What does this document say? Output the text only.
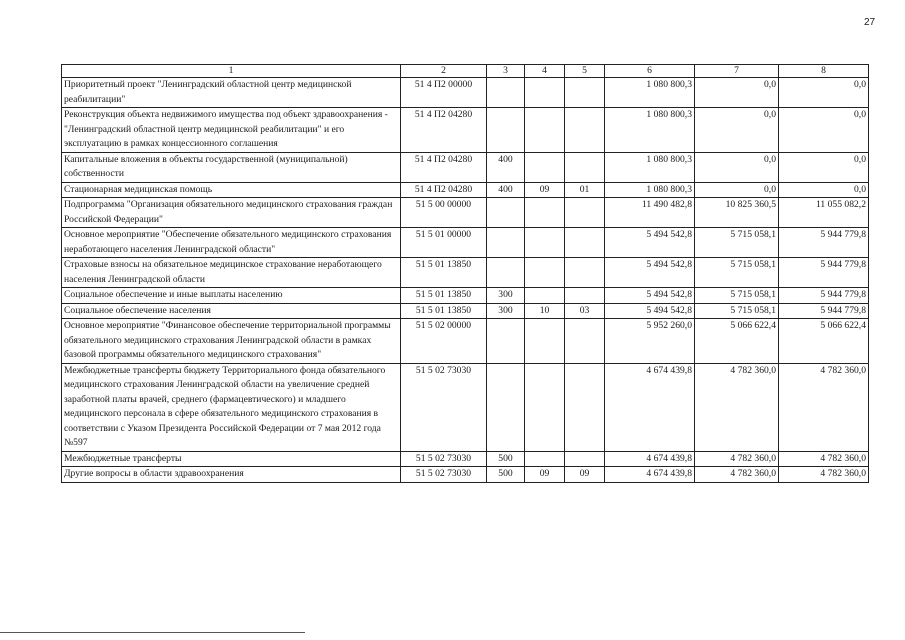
27
1	2	3	4	5	6	7	8
Приоритетный проект "Ленинградский областной центр медицинской реабилитации"	51 4 П2 00000				1 080 800,3	0,0	0,0
Реконструкция объекта недвижимого имущества под объект здравоохранения - "Ленинградский областной центр медицинской реабилитации" и его эксплуатацию в рамках концессионного соглашения	51 4 П2 04280				1 080 800,3	0,0	0,0
Капитальные вложения в объекты государственной (муниципальной) собственности	51 4 П2 04280	400			1 080 800,3	0,0	0,0
Стационарная медицинская помощь	51 4 П2 04280	400	09	01	1 080 800,3	0,0	0,0
Подпрограмма "Организация обязательного медицинского страхования граждан Российской Федерации"	51 5 00 00000				11 490 482,8	10 825 360,5	11 055 082,2
Основное мероприятие "Обеспечение обязательного медицинского страхования неработающего населения Ленинградской области"	51 5 01 00000				5 494 542,8	5 715 058,1	5 944 779,8
Страховые взносы на обязательное медицинское страхование неработающего населения Ленинградской области	51 5 01 13850				5 494 542,8	5 715 058,1	5 944 779,8
Социальное обеспечение и иные выплаты населению	51 5 01 13850	300			5 494 542,8	5 715 058,1	5 944 779,8
Социальное обеспечение населения	51 5 01 13850	300	10	03	5 494 542,8	5 715 058,1	5 944 779,8
Основное мероприятие "Финансовое обеспечение территориальной программы обязательного медицинского страхования Ленинградской области в рамках базовой программы обязательного медицинского страхования"	51 5 02 00000				5 952 260,0	5 066 622,4	5 066 622,4
Межбюджетные трансферты бюджету Территориального фонда обязательного медицинского страхования Ленинградской области на увеличение средней заработной платы врачей, среднего (фармацевтического) и младшего медицинского персонала в сфере обязательного медицинского страхования в соответствии с Указом Президента Российской Федерации от 7 мая 2012 года №597	51 5 02 73030				4 674 439,8	4 782 360,0	4 782 360,0
Межбюджетные трансферты	51 5 02 73030	500			4 674 439,8	4 782 360,0	4 782 360,0
Другие вопросы в области здравоохранения	51 5 02 73030	500	09	09	4 674 439,8	4 782 360,0	4 782 360,0
